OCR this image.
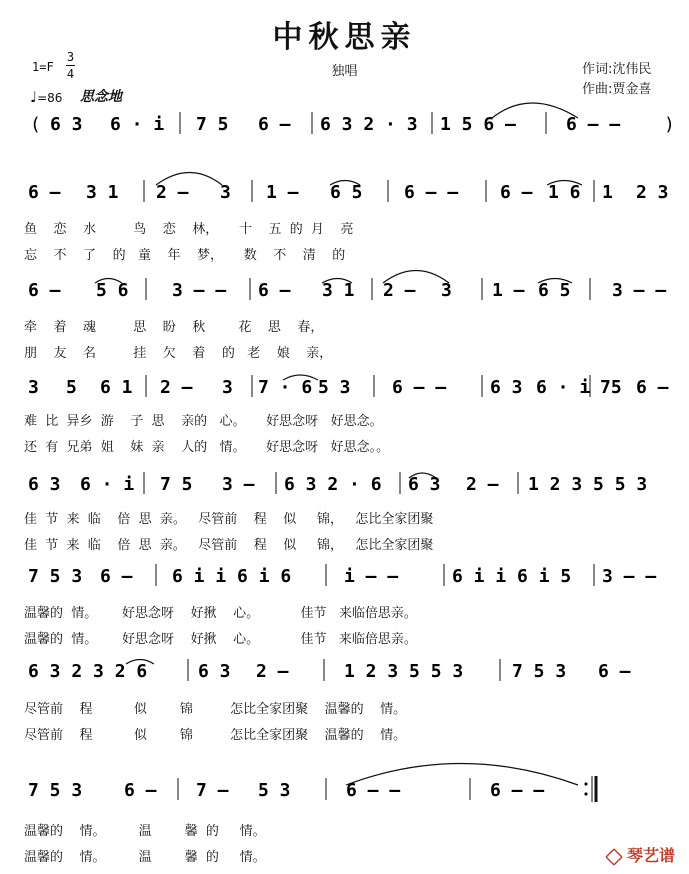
中秋思亲
独唱
1=F
3
4
♩=86 思念地
作词:沈伟民
作曲:贾金喜
( 6 3 6 · i 7 5 6 – 6 3 2 · 3 1 5 6 –	6 – – )
6 – 3 1 2 – 3 1 – 6 5 6 – – 6 – 1 6 1 2 3
6 – 5 6 3 – – 6 – 3 1 2 – 3 1 – 6 5 3 – –
3 5 6 1 2 – 3 7 · 6 5 3 6 – – 6 3 6 · i 75 6 –
6 3 6 · i 7 5 3 – 6 3 2 · 6 6 3 2 – 1 2 3 5 5 3
7 5 3 6 – 6 i i 6 i 6	i – –	6 i i 6 i 5 3 – –
6 3 2 3 2 6	6 3 2 –	1 2 3 5 5 3	7 5 3 6 –
7 5 3 6 – 7 – 5 3	6 – –	6 – –
鱼    恋    水         鸟    恋    林，     十    五  的  月    亮
忘    不    了    的   童    年    梦，     数    不    清    的
牵    着    魂         思    盼    秋        花    思    春，
朋    友    名         挂    欠    着    的   老    娘    亲，
难  比  异乡  游    子  思    亲的   心。     好思念呀   好思念。
还  有  兄弟  姐    妹  亲    人的   情。     好思念呀   好思念。。
佳  节  来  临    倍  思  亲。   尽管前    程    似     锦，   怎比全家团聚
佳  节  来  临    倍  思  亲。   尽管前    程    似     锦，   怎比全家团聚
温馨的  情。      好思念呀    好揪    心。          佳节   来临倍思亲。
温馨的  情。      好思念呀    好揪    心。          佳节   来临倍思亲。
尽管前    程          似        锦         怎比全家团聚    温馨的    情。
尽管前    程          似        锦         怎比全家团聚    温馨的    情。
温馨的    情。        温        馨  的     情。
温馨的    情。        温        馨  的     情。	琴艺谱
